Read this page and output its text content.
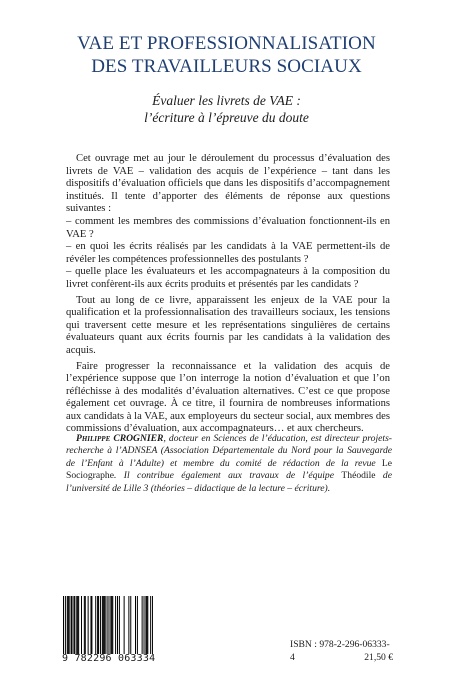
VAE ET PROFESSIONNALISATION
DES TRAVAILLEURS SOCIAUX
Évaluer les livrets de VAE :
l’écriture à l’épreuve du doute

Cet ouvrage met au jour le déroulement du processus d’évaluation des livrets de VAE – validation des acquis de l’expérience – tant dans les dispositifs d’évaluation officiels que dans les dispositifs d’accompagnement institués. Il tente d’apporter des éléments de réponse aux questions suivantes :

– comment les membres des commissions d’évaluation fonctionnent-ils en VAE ?

– en quoi les écrits réalisés par les candidats à la VAE permettent-ils de révéler les compétences professionnelles des postulants ?

– quelle place les évaluateurs et les accompagnateurs à la composition du livret confèrent-ils aux écrits produits et présentés par les candidats ?

Tout au long de ce livre, apparaissent les enjeux de la VAE pour la qualification et la professionnalisation des travailleurs sociaux, les tensions qui traversent cette mesure et les représentations singulières de certains évaluateurs quant aux écrits fournis par les candidats à la validation des acquis.

Faire progresser la reconnaissance et la validation des acquis de l’expérience suppose que l’on interroge la notion d’évaluation et que l’on réfléchisse à des modalités d’évaluation alternatives. C’est ce que propose également cet ouvrage. À ce titre, il fournira de nombreuses informations aux candidats à la VAE, aux employeurs du secteur social, aux membres des commissions d’évaluation, aux accompagnateurs… et aux chercheurs.

Philippe CROGNIER, docteur en Sciences de l’éducation, est directeur projets-recherche à l’ADNSEA (Association Départementale du Nord pour la Sauvegarde de l’Enfant à l’Adulte) et membre du comité de rédaction de la revue Le Sociographe. Il contribue également aux travaux de l’équipe Théodile de l’université de Lille 3 (théories – didactique de la lecture – écriture).
9 782296 063334
ISBN : 978-2-296-06333-4	21,50 €
